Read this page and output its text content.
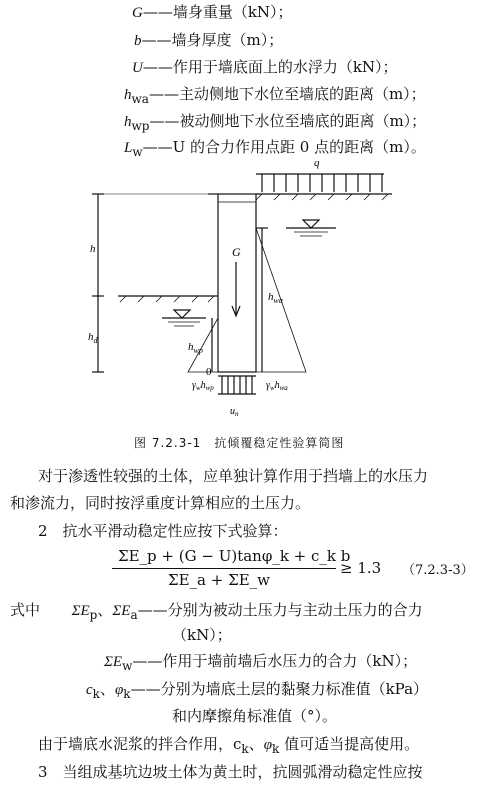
G——墙身重量（kN）；
b——墙身厚度（m）；
U——作用于墙底面上的水浮力（kN）；
$h_{wa}——$主动侧地下水位至墙底的距离（m）；
$h_{wp}——$被动侧地下水位至墙底的距离（m）；
$L_w——U$ 的合力作用点距 0 点的距离（m）。
q
h
$h_d$
G
$h_{wa}$
$h_{wp}$
0
$\gamma_wh_{wp}$	$\gamma_wh_{wa}$
$u_n$
图 7.2.3-1　抗倾覆稳定性验算简图
对于渗透性较强的土体，应单独计算作用于挡墙上的水压力
和渗流力，同时按浮重度计算相应的土压力。
2　抗水平滑动稳定性应按下式验算：
ΣE_p + (G − U)tanφ_k + c_k b
ΣE_a + ΣE_w
≥ 1.3 （7.2.3-3）
式中 $\Sigma E_p$、$\Sigma E_a——$分别为被动土压力与主动土压力的合力
（kN）；
$\Sigma E_w——$作用于墙前墙后水压力的合力（kN）；
$c_k$、$\varphi_k——$分别为墙底土层的黏聚力标准值（kPa）
和内摩擦角标准值（°）。
由于墙底水泥浆的拌合作用，$c_k$、$\varphi_k$ 值可适当提高使用。
3　当组成基坑边坡土体为黄土时，抗圆弧滑动稳定性应按
